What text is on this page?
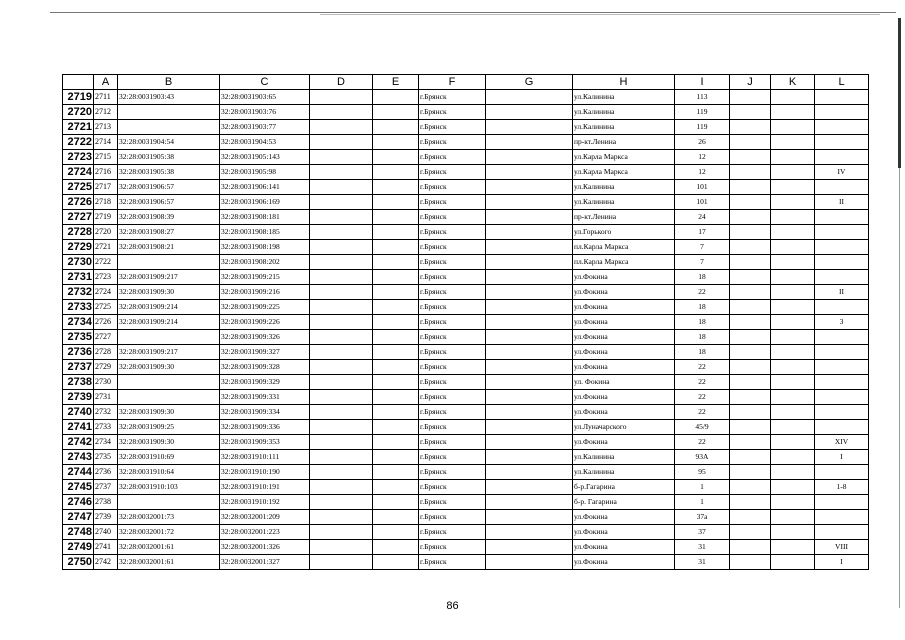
	A	B	C	D	E	F	G	H	I	J	K	L
2719	2711	32:28:0031903:43	32:28:0031903:65			г.Брянск		ул.Калинина	113			
2720	2712		32:28:0031903:76			г.Брянск		ул.Калинина	119			
2721	2713		32:28:0031903:77			г.Брянск		ул.Калинина	119			
2722	2714	32:28:0031904:54	32:28:0031904:53			г.Брянск		пр-кт.Ленина	26			
2723	2715	32:28:0031905:38	32:28:0031905:143			г.Брянск		ул.Карла Маркса	12			
2724	2716	32:28:0031905:38	32:28:0031905:98			г.Брянск		ул.Карла Маркса	12			IV
2725	2717	32:28:0031906:57	32:28:0031906:141			г.Брянск		ул.Калинина	101			
2726	2718	32:28:0031906:57	32:28:0031906:169			г.Брянск		ул.Калинина	101			II
2727	2719	32:28:0031908:39	32:28:0031908:181			г.Брянск		пр-кт.Ленина	24			
2728	2720	32:28:0031908:27	32:28:0031908:185			г.Брянск		ул.Горького	17			
2729	2721	32:28:0031908:21	32:28:0031908:198			г.Брянск		пл.Карла Маркса	7			
2730	2722		32:28:0031908:202			г.Брянск		пл.Карла Маркса	7			
2731	2723	32:28:0031909:217	32:28:0031909:215			г.Брянск		ул.Фокина	18			
2732	2724	32:28:0031909:30	32:28:0031909:216			г.Брянск		ул.Фокина	22			II
2733	2725	32:28:0031909:214	32:28:0031909:225			г.Брянск		ул.Фокина	18			
2734	2726	32:28:0031909:214	32:28:0031909:226			г.Брянск		ул.Фокина	18			3
2735	2727		32:28:0031909:326			г.Брянск		ул.Фокина	18			
2736	2728	32:28:0031909:217	32:28:0031909:327			г.Брянск		ул.Фокина	18			
2737	2729	32:28:0031909:30	32:28:0031909:328			г.Брянск		ул.Фокина	22			
2738	2730		32:28:0031909:329			г.Брянск		ул. Фокина	22			
2739	2731		32:28:0031909:331			г.Брянск		ул.Фокина	22			
2740	2732	32:28:0031909:30	32:28:0031909:334			г.Брянск		ул.Фокина	22			
2741	2733	32:28:0031909:25	32:28:0031909:336			г.Брянск		ул.Луначарского	45/9			
2742	2734	32:28:0031909:30	32:28:0031909:353			г.Брянск		ул.Фокина	22			XIV
2743	2735	32:28:0031910:69	32:28:0031910:111			г.Брянск		ул.Калинина	93А			I
2744	2736	32:28:0031910:64	32:28:0031910:190			г.Брянск		ул.Калинина	95			
2745	2737	32:28:0031910:103	32:28:0031910:191			г.Брянск		б-р.Гагарина	1			1-8
2746	2738		32:28:0031910:192			г.Брянск		б-р. Гагарина	1			
2747	2739	32:28:0032001:73	32:28:0032001:209			г.Брянск		ул.Фокина	37а			
2748	2740	32:28:0032001:72	32:28:0032001:223			г.Брянск		ул.Фокина	37			
2749	2741	32:28:0032001:61	32:28:0032001:326			г.Брянск		ул.Фокина	31			VIII
2750	2742	32:28:0032001:61	32:28:0032001:327			г.Брянск		ул.Фокина	31			I
86
